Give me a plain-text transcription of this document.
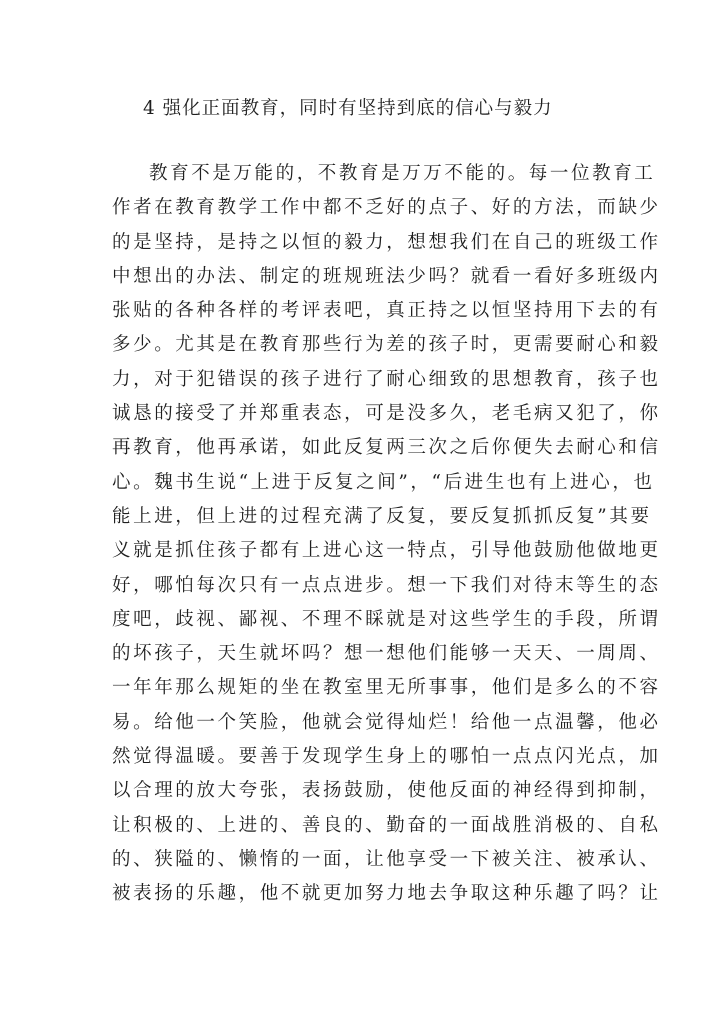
4 强化正面教育，同时有坚持到底的信心与毅力
教育不是万能的，不教育是万万不能的。每一位教育工
作者在教育教学工作中都不乏好的点子、好的方法，而缺少
的是坚持，是持之以恒的毅力，想想我们在自己的班级工作
中想出的办法、制定的班规班法少吗？就看一看好多班级内
张贴的各种各样的考评表吧，真正持之以恒坚持用下去的有
多少。尤其是在教育那些行为差的孩子时，更需要耐心和毅
力，对于犯错误的孩子进行了耐心细致的思想教育，孩子也
诚恳的接受了并郑重表态，可是没多久，老毛病又犯了，你
再教育，他再承诺，如此反复两三次之后你便失去耐心和信
心。魏书生说“上进于反复之间”，“后进生也有上进心，也
能上进，但上进的过程充满了反复，要反复抓抓反复”其要
义就是抓住孩子都有上进心这一特点，引导他鼓励他做地更
好，哪怕每次只有一点点进步。想一下我们对待末等生的态
度吧，歧视、鄙视、不理不睬就是对这些学生的手段，所谓
的坏孩子，天生就坏吗？想一想他们能够一天天、一周周、
一年年那么规矩的坐在教室里无所事事，他们是多么的不容
易。给他一个笑脸，他就会觉得灿烂！给他一点温馨，他必
然觉得温暖。要善于发现学生身上的哪怕一点点闪光点，加
以合理的放大夸张，表扬鼓励，使他反面的神经得到抑制，
让积极的、上进的、善良的、勤奋的一面战胜消极的、自私
的、狭隘的、懒惰的一面，让他享受一下被关注、被承认、
被表扬的乐趣，他不就更加努力地去争取这种乐趣了吗？让
